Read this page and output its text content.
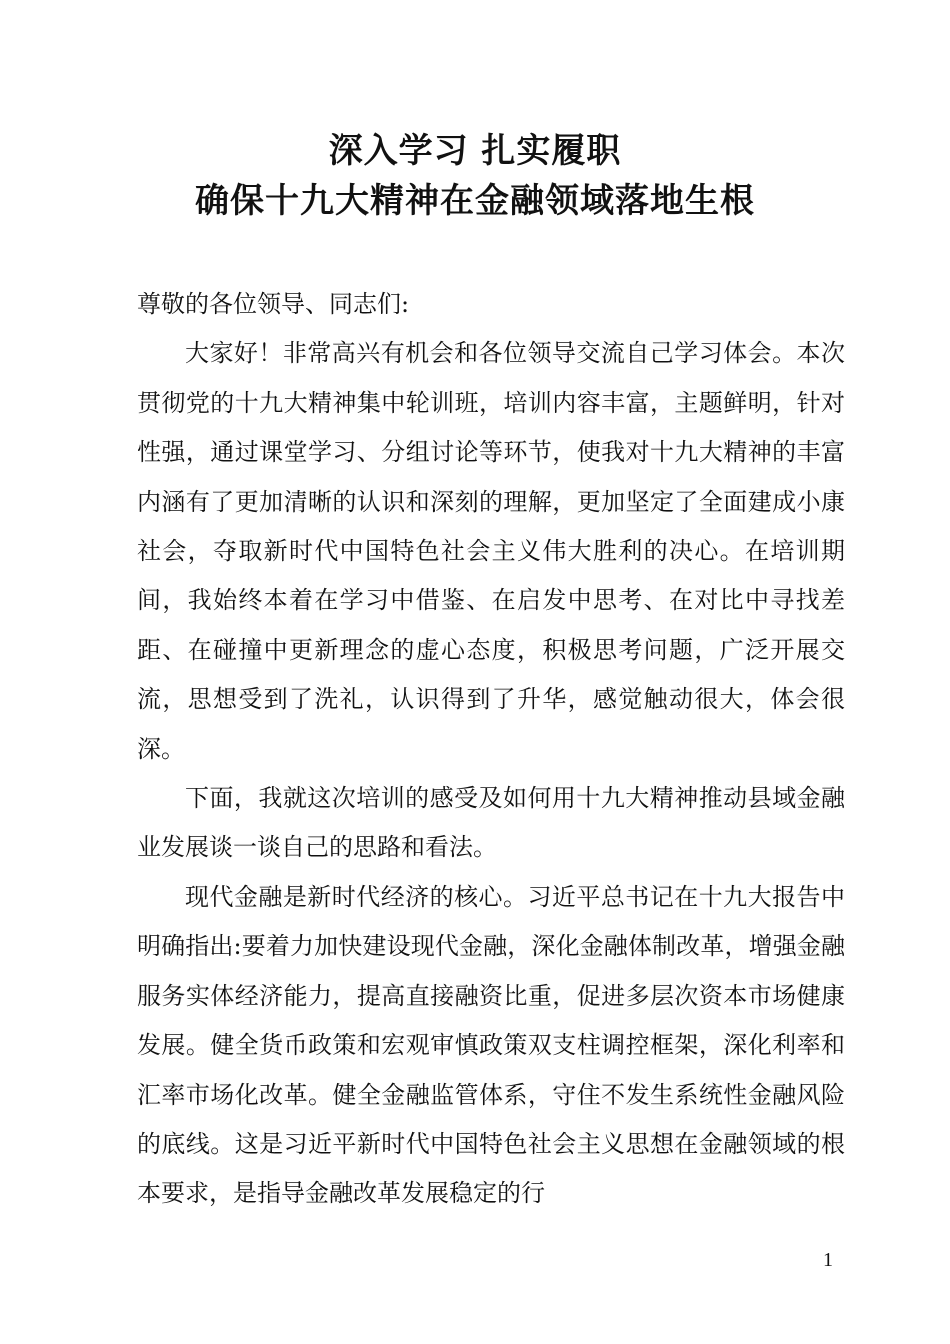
深入学习 扎实履职
确保十九大精神在金融领域落地生根

尊敬的各位领导、同志们:

大家好！非常高兴有机会和各位领导交流自己学习体会。本次贯彻党的十九大精神集中轮训班，培训内容丰富，主题鲜明，针对性强，通过课堂学习、分组讨论等环节，使我对十九大精神的丰富内涵有了更加清晰的认识和深刻的理解，更加坚定了全面建成小康社会，夺取新时代中国特色社会主义伟大胜利的决心。在培训期间，我始终本着在学习中借鉴、在启发中思考、在对比中寻找差距、在碰撞中更新理念的虚心态度，积极思考问题，广泛开展交流，思想受到了洗礼，认识得到了升华，感觉触动很大，体会很深。

下面，我就这次培训的感受及如何用十九大精神推动县域金融业发展谈一谈自己的思路和看法。

现代金融是新时代经济的核心。习近平总书记在十九大报告中明确指出:要着力加快建设现代金融，深化金融体制改革，增强金融服务实体经济能力，提高直接融资比重，促进多层次资本市场健康发展。健全货币政策和宏观审慎政策双支柱调控框架，深化利率和汇率市场化改革。健全金融监管体系，守住不发生系统性金融风险的底线。这是习近平新时代中国特色社会主义思想在金融领域的根本要求，是指导金融改革发展稳定的行

1
